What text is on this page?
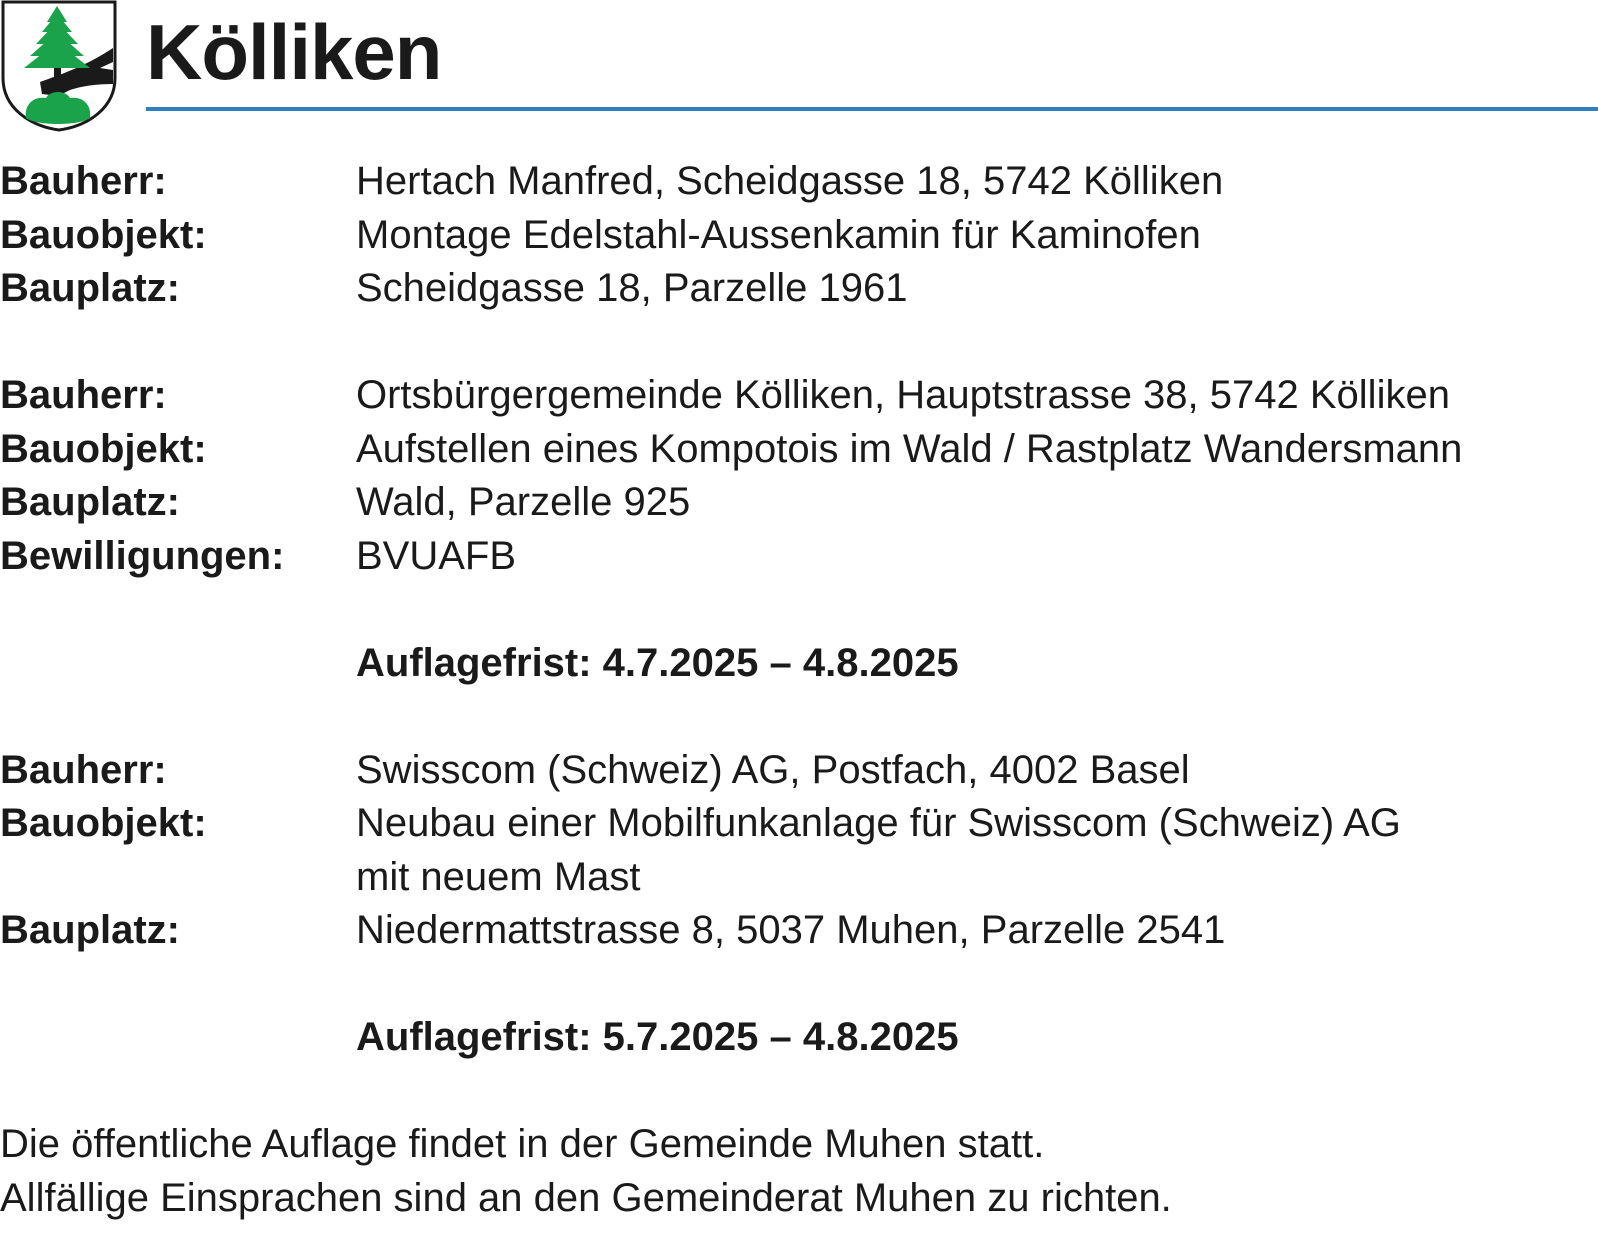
Kölliken
Bauherr:	Hertach Manfred, Scheidgasse 18, 5742 Kölliken
Bauobjekt:	Montage Edelstahl-Aussenkamin für Kaminofen
Bauplatz:	Scheidgasse 18, Parzelle 1961
Bauherr:	Ortsbürgergemeinde Kölliken, Hauptstrasse 38, 5742 Kölliken
Bauobjekt:	Aufstellen eines Kompotois im Wald / Rastplatz Wandersmann
Bauplatz:	Wald, Parzelle 925
Bewilligungen:	BVUAFB
Auflagefrist: 4.7.2025 – 4.8.2025
Bauherr:	Swisscom (Schweiz) AG, Postfach, 4002 Basel
Bauobjekt:	Neubau einer Mobilfunkanlage für Swisscom (Schweiz) AG
mit neuem Mast
Bauplatz:	Niedermattstrasse 8, 5037 Muhen, Parzelle 2541
Auflagefrist: 5.7.2025 – 4.8.2025
Die öffentliche Auflage findet in der Gemeinde Muhen statt.
Allfällige Einsprachen sind an den Gemeinderat Muhen zu richten.
